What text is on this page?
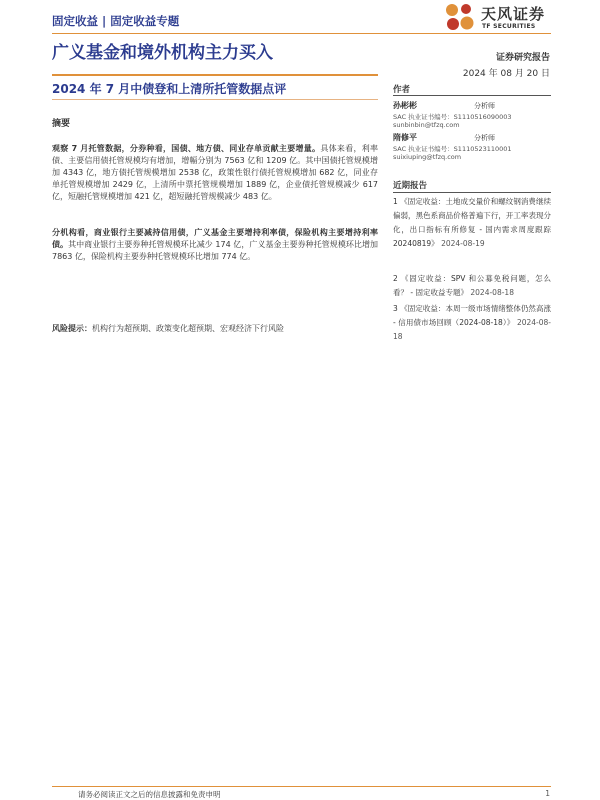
固定收益 | 固定收益专题	天风证券
TF SECURITIES
广义基金和境外机构主力买入	证券研究报告
2024 年 08 月 20 日
2024 年 7 月中债登和上清所托管数据点评
摘要
观察 7 月托管数据，分券种看，国债、地方债、同业存单贡献主要增量。具体来看，利率债、主要信用债托管规模均有增加，增幅分别为 7563 亿和 1209 亿。其中国债托管规模增加 4343 亿，地方债托管规模增加 2538 亿，政策性银行债托管规模增加 682 亿，同业存单托管规模增加 2429 亿，上清所中票托管规模增加 1889 亿，企业债托管规模减少 617 亿，短融托管规模增加 421 亿，超短融托管规模减少 483 亿。
分机构看，商业银行主要减持信用债，广义基金主要增持利率债，保险机构主要增持利率债。其中商业银行主要券种托管规模环比减少 174 亿，广义基金主要券种托管规模环比增加 7863 亿，保险机构主要券种托管规模环比增加 774 亿。
风险提示：机构行为超预期、政策变化超预期、宏观经济下行风险
作者
孙彬彬	分析师
SAC 执业证书编号：S1110516090003
sunbinbin@tfzq.com
隋修平	分析师
SAC 执业证书编号：S1110523110001
suixiuping@tfzq.com
近期报告
1 《固定收益：土地成交量价和螺纹钢消费继续偏弱，黑色系商品价格普遍下行，开工率表现分化，出口指标有所修复 - 国内需求周度跟踪 20240819》 2024-08-19
2 《固定收益：SPV 和公募免税问题，怎么看？ - 固定收益专题》 2024-08-18
3 《固定收益：本周一级市场情绪整体仍然高涨 - 信用债市场回顾（2024-08-18）》 2024-08-18
请务必阅读正文之后的信息披露和免责申明	1
